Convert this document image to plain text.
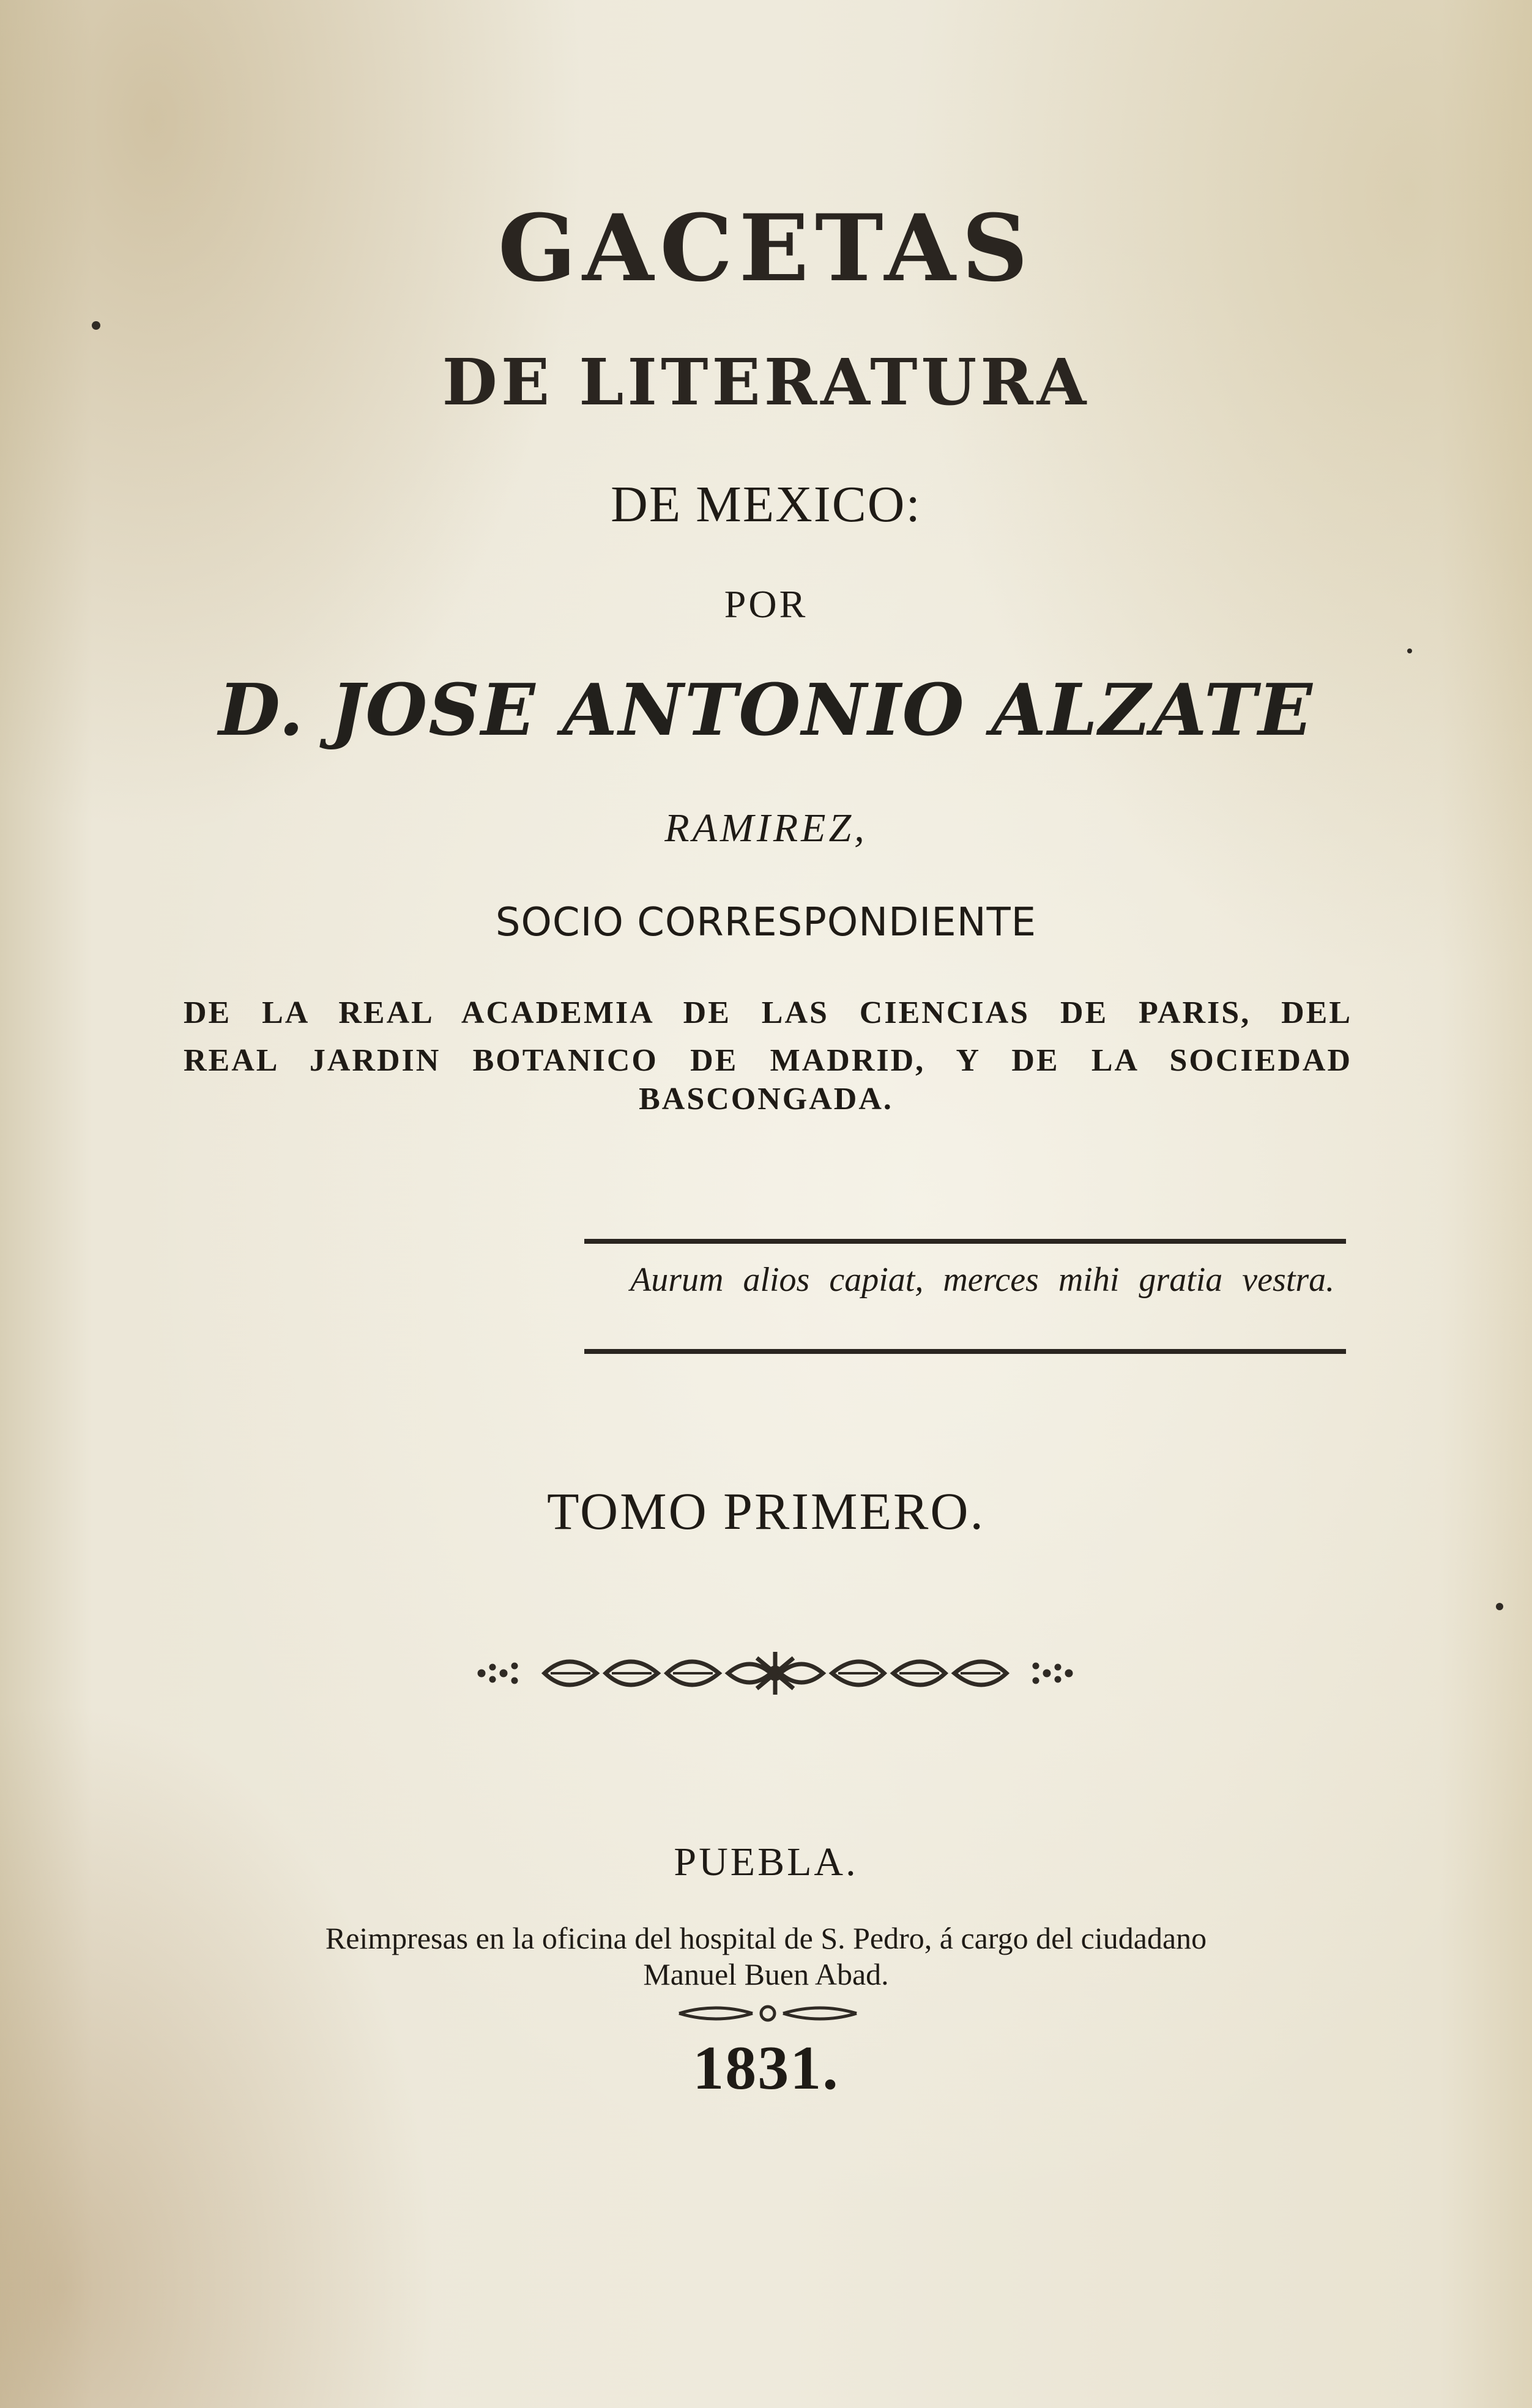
GACETAS
DE LITERATURA
DE MEXICO:
POR
D. JOSE ANTONIO ALZATE
RAMIREZ,
SOCIO CORRESPONDIENTE
DE LA REAL ACADEMIA DE LAS CIENCIAS DE PARIS, DEL
REAL JARDIN BOTANICO DE MADRID, Y DE LA SOCIEDAD
BASCONGADA.
Aurum alios capiat, merces mihi gratia vestra.
TOMO PRIMERO.
PUEBLA.
Reimpresas en la oficina del hospital de S. Pedro, á cargo del ciudadano
Manuel Buen Abad.
1831.
